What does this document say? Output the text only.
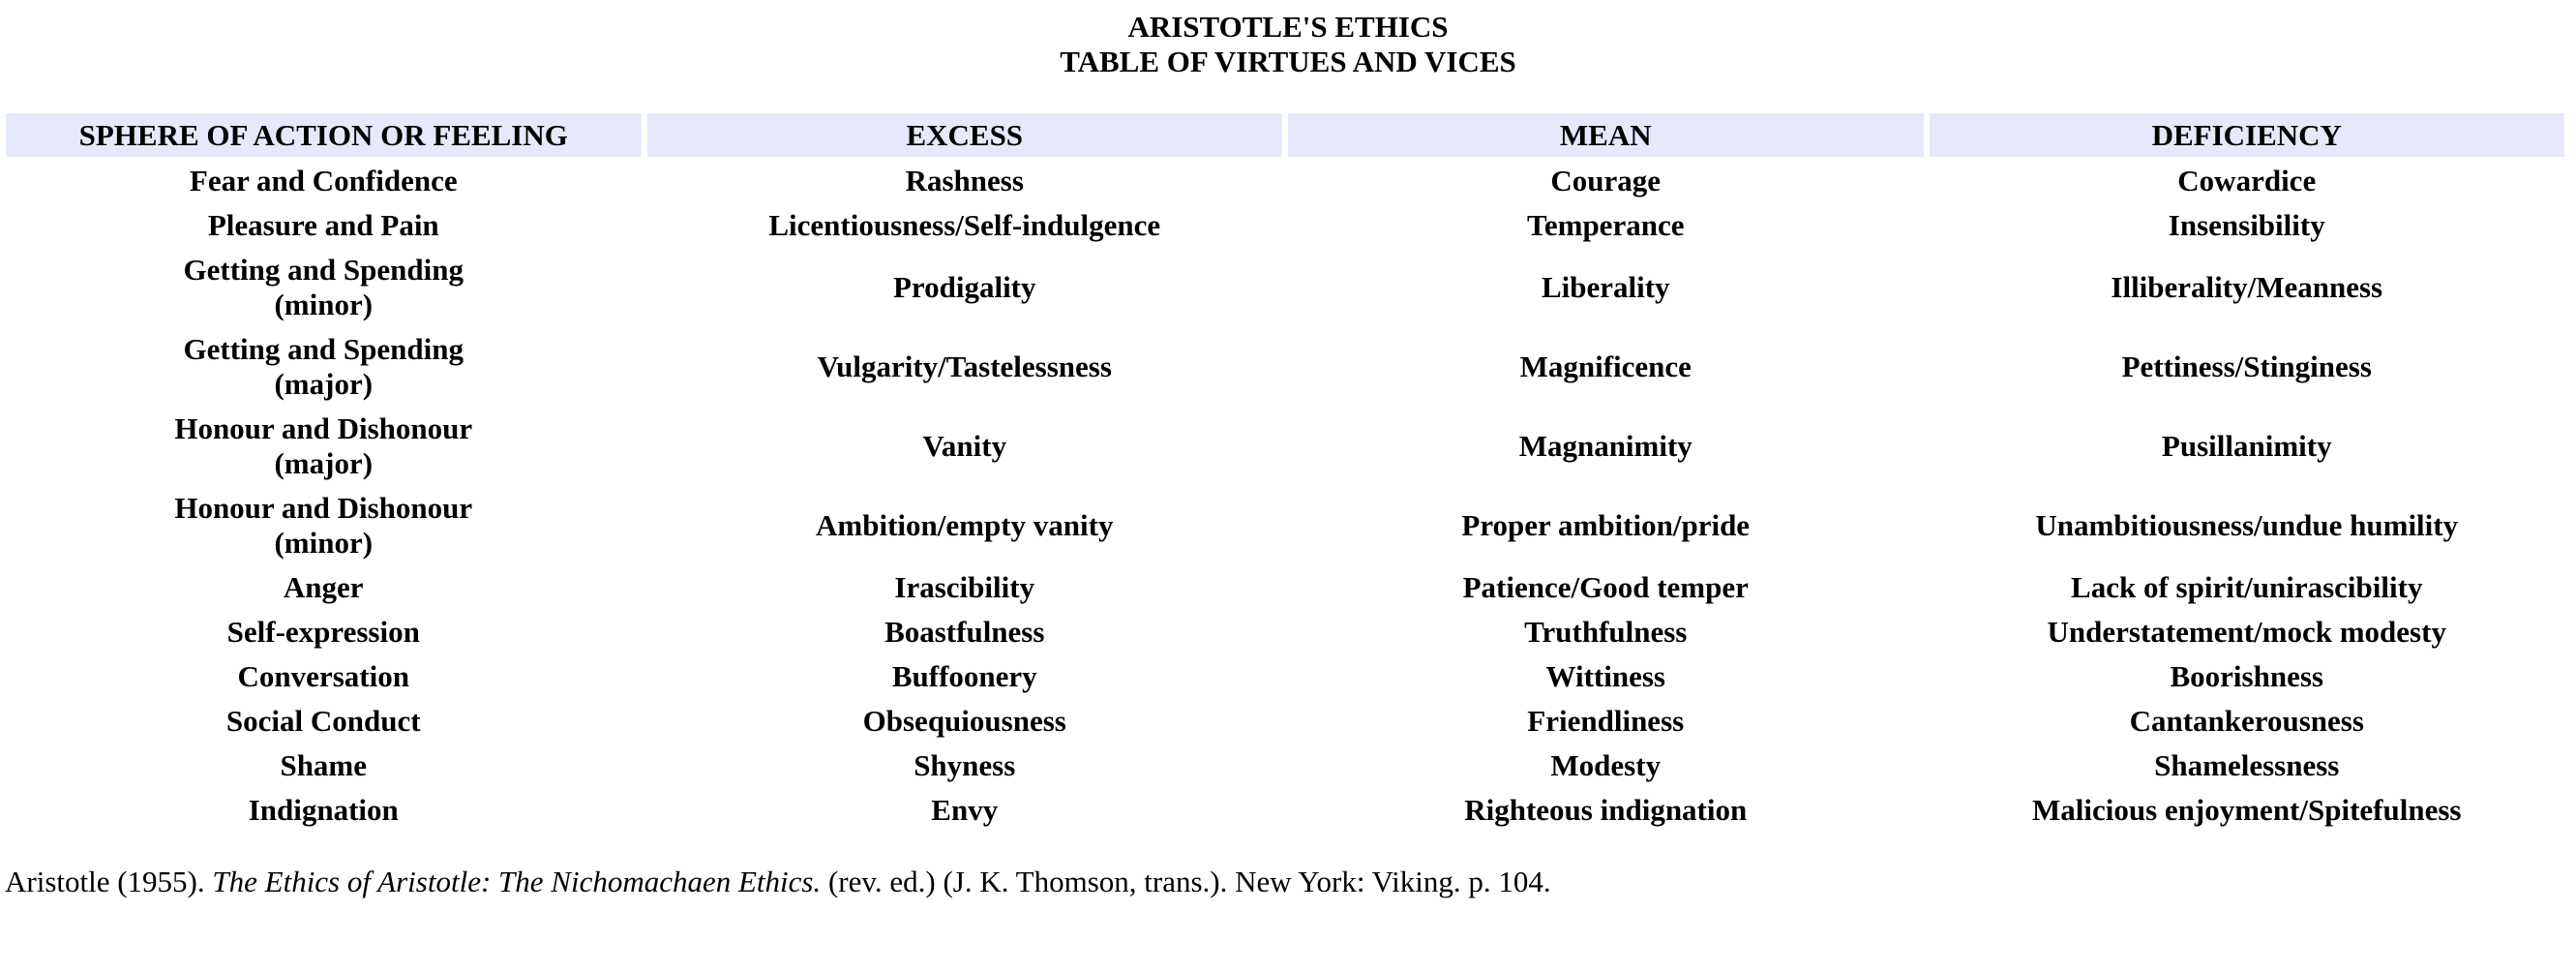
ARISTOTLE'S ETHICS
TABLE OF VIRTUES AND VICES
SPHERE OF ACTION OR FEELING	EXCESS	MEAN	DEFICIENCY
Fear and Confidence	Rashness	Courage	Cowardice
Pleasure and Pain	Licentiousness/Self-indulgence	Temperance	Insensibility

Getting and Spending
(minor)	Prodigality	Liberality	Illiberality/Meanness

Getting and Spending
(major)	Vulgarity/Tastelessness	Magnificence	Pettiness/Stinginess

Honour and Dishonour
(major)	Vanity	Magnanimity	Pusillanimity

Honour and Dishonour
(minor)	Ambition/empty vanity	Proper ambition/pride	Unambitiousness/undue humility
Anger	Irascibility	Patience/Good temper	Lack of spirit/unirascibility
Self-expression	Boastfulness	Truthfulness	Understatement/mock modesty
Conversation	Buffoonery	Wittiness	Boorishness
Social Conduct	Obsequiousness	Friendliness	Cantankerousness
Shame	Shyness	Modesty	Shamelessness
Indignation	Envy	Righteous indignation	Malicious enjoyment/Spitefulness
Aristotle (1955). The Ethics of Aristotle: The Nichomachaen Ethics. (rev. ed.) (J. K. Thomson, trans.). New York: Viking. p. 104.
